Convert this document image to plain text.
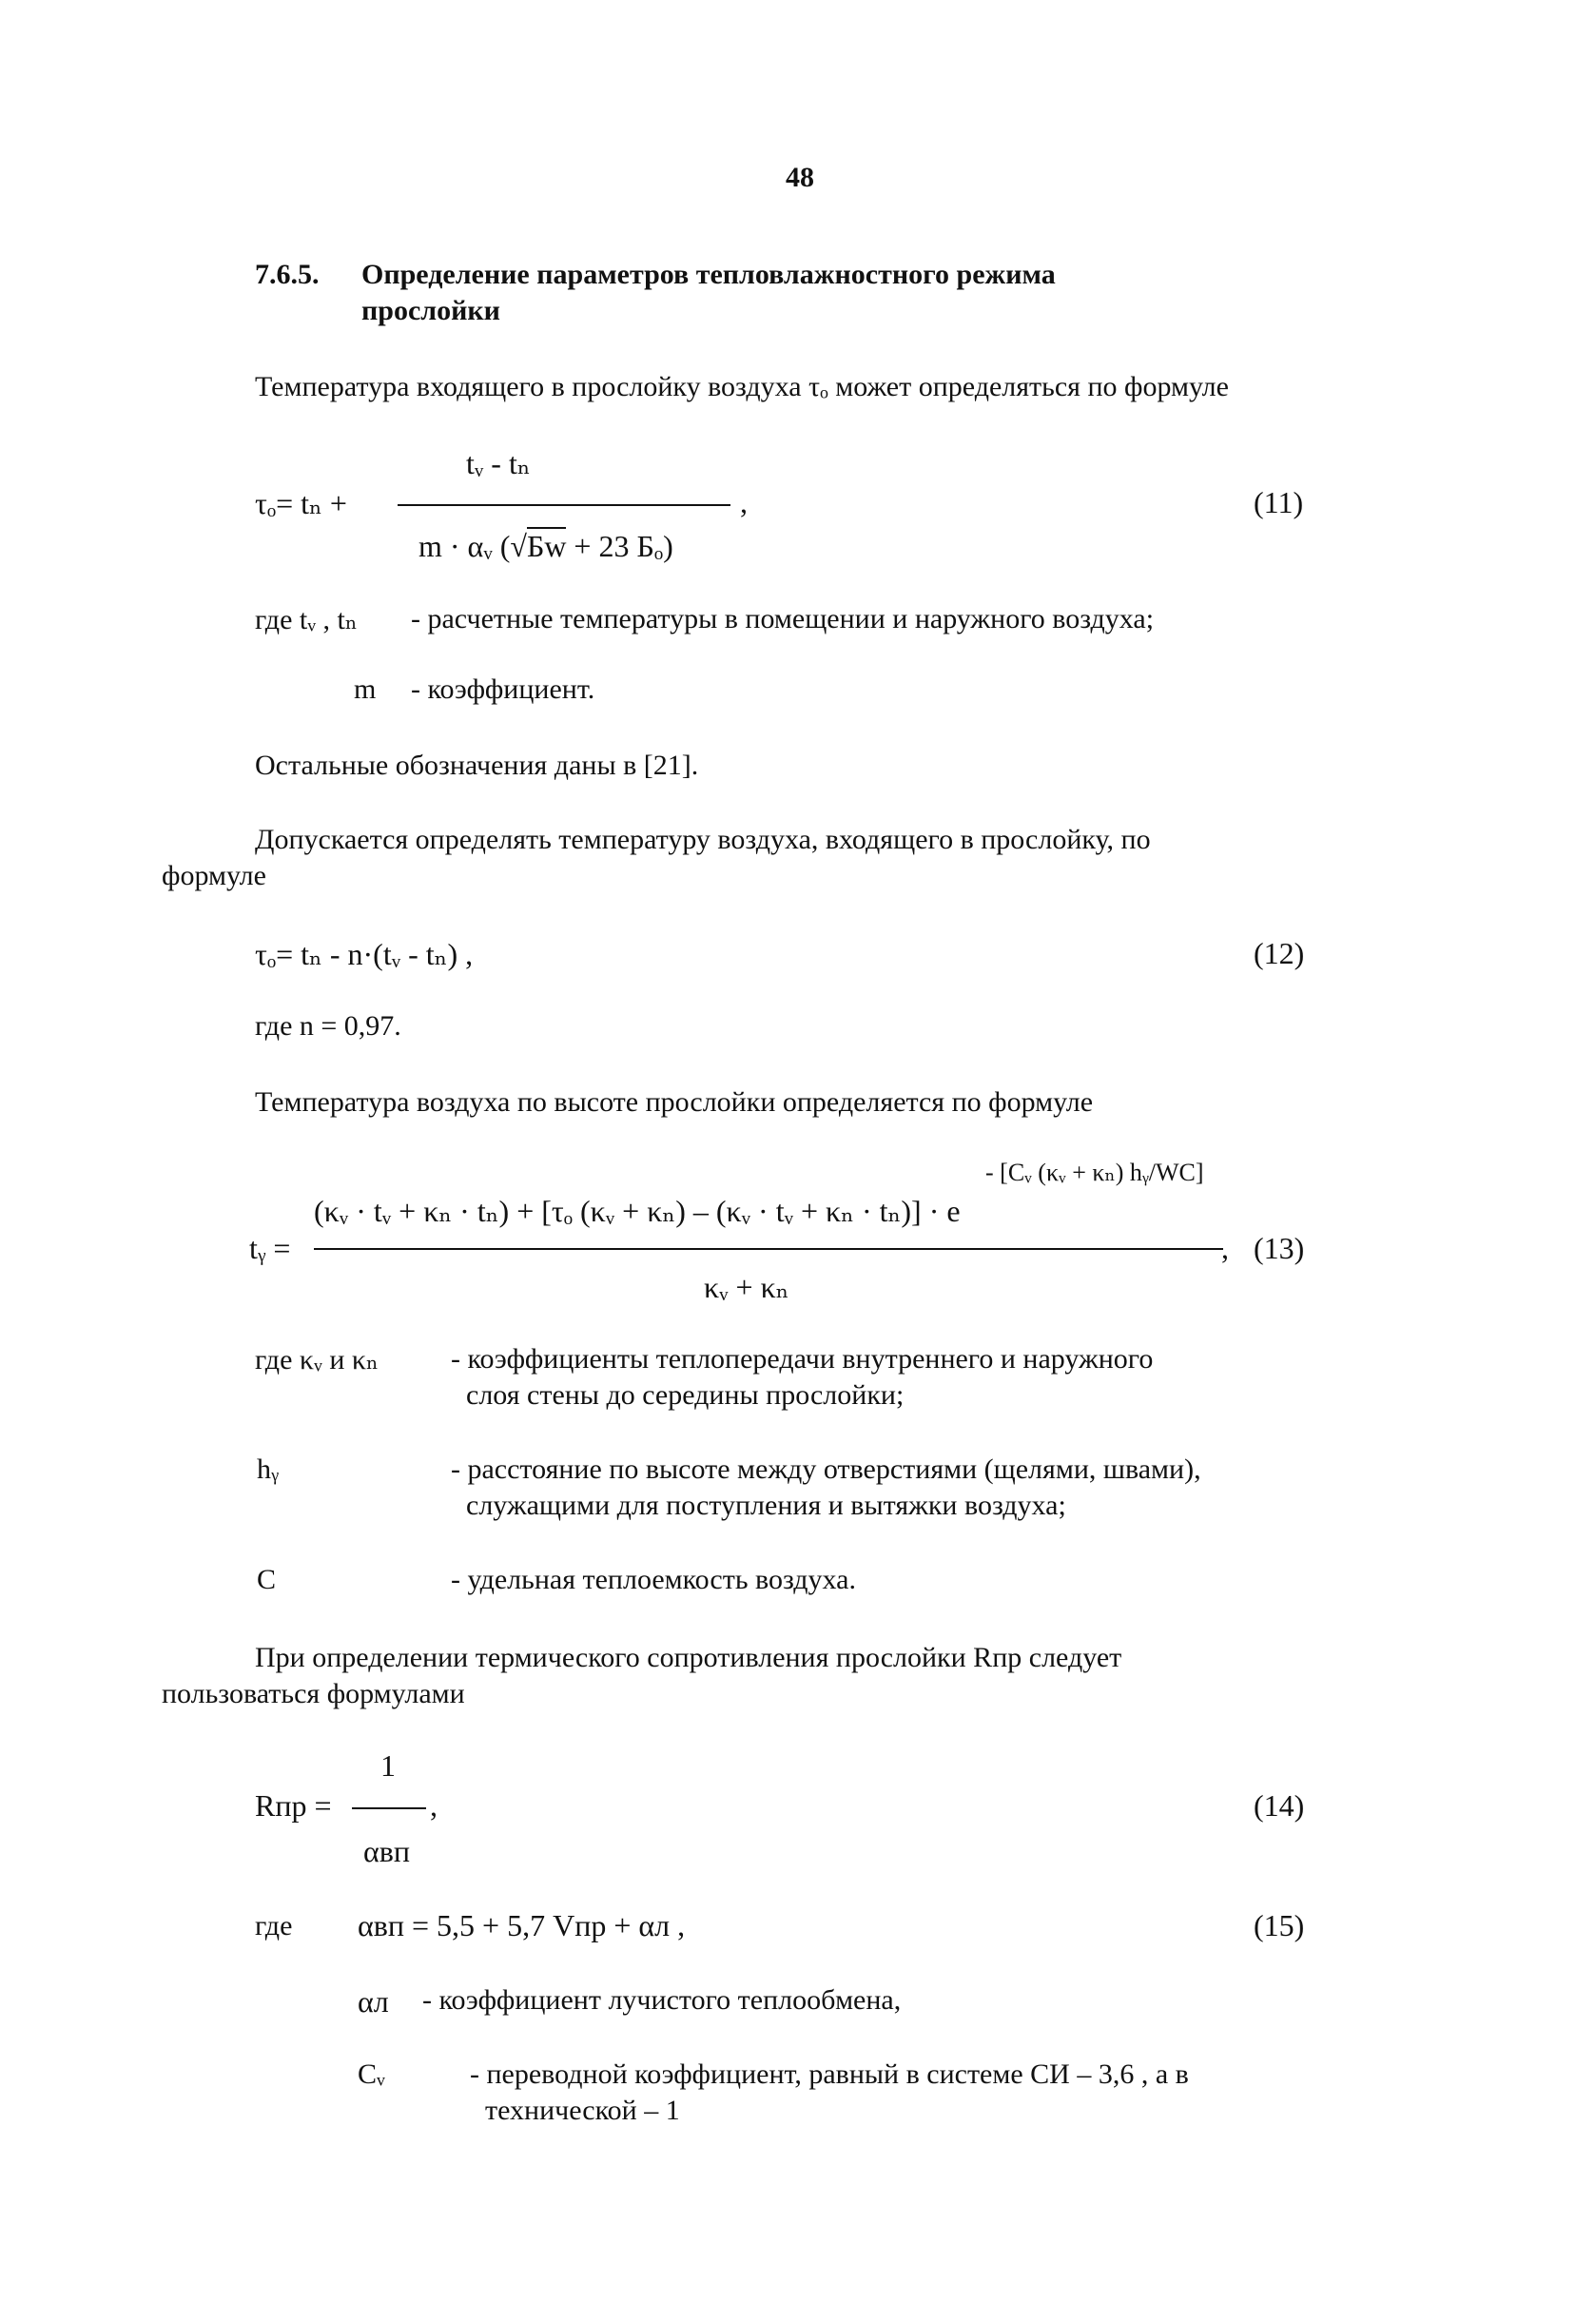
48
7.6.5. Определение параметров тепловлажностного режима
прослойки
Температура входящего в прослойку воздуха τₒ может определяться по формуле
tᵥ - tₙ
τₒ= tₙ +	,
m · αᵥ (√Бw + 23 Бₒ)
(11)
где tᵥ , tₙ - расчетные температуры в помещении и наружного воздуха;
m - коэффициент.
Остальные обозначения даны в [21].
Допускается определять температуру воздуха, входящего в прослойку, по
формуле
τₒ= tₙ - n·(tᵥ - tₙ) ,	(12)
где n = 0,97.
Температура воздуха по высоте прослойки определяется по формуле
- [Cᵥ (κᵥ + κₙ) hᵧ/WC]
(κᵥ · tᵥ + κₙ · tₙ) + [τₒ (κᵥ + κₙ) – (κᵥ · tᵥ + κₙ · tₙ)] · e
tᵧ =	, (13)
κᵥ + κₙ
где κᵥ и κₙ	- коэффициенты теплопередачи внутреннего и наружного
слоя стены до середины прослойки;
hᵧ	- расстояние по высоте между отверстиями (щелями, швами),
служащими для поступления и вытяжки воздуха;
C	- удельная теплоемкость воздуха.
При определении термического сопротивления прослойки Rпр следует
пользоваться формулами
1
Rпр =	,
αвп
(14)
где αвп = 5,5 + 5,7 Vпр + αл ,	(15)
αл - коэффициент лучистого теплообмена,
Cᵥ	- переводной коэффициент, равный в системе СИ – 3,6 , а в
технической – 1
